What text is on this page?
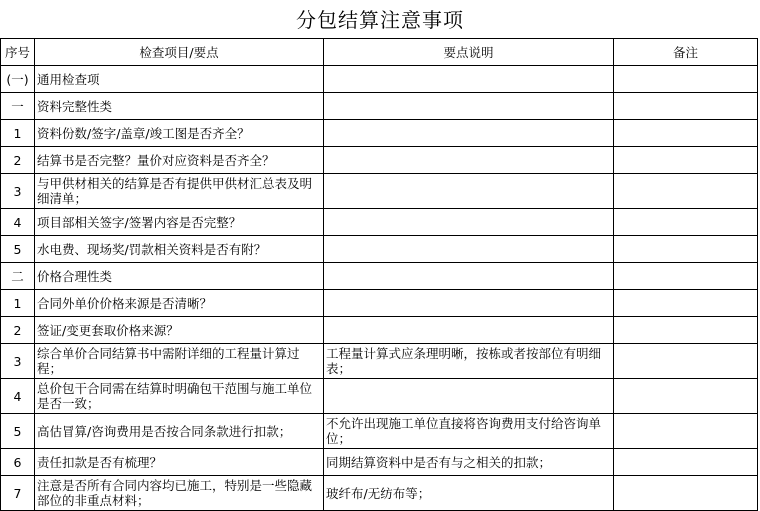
分包结算注意事项
序号	检查项目/要点	要点说明	备注
(一)	通用检查项		
一	资料完整性类		
1	资料份数/签字/盖章/竣工图是否齐全？		
2	结算书是否完整？量价对应资料是否齐全？		
3	与甲供材相关的结算是否有提供甲供材汇总表及明细清单；		
4	项目部相关签字/签署内容是否完整？		
5	水电费、现场奖/罚款相关资料是否有附？		
二	价格合理性类		
1	合同外单价价格来源是否清晰？		
2	签证/变更套取价格来源？		
3	综合单价合同结算书中需附详细的工程量计算过程；	工程量计算式应条理明晰，按栋或者按部位有明细表；	
4	总价包干合同需在结算时明确包干范围与施工单位是否一致；		
5	高估冒算/咨询费用是否按合同条款进行扣款；	不允许出现施工单位直接将咨询费用支付给咨询单位；	
6	责任扣款是否有梳理？	同期结算资料中是否有与之相关的扣款；	
7	注意是否所有合同内容均已施工，特别是一些隐藏部位的非重点材料；	玻纤布/无纺布等；	
